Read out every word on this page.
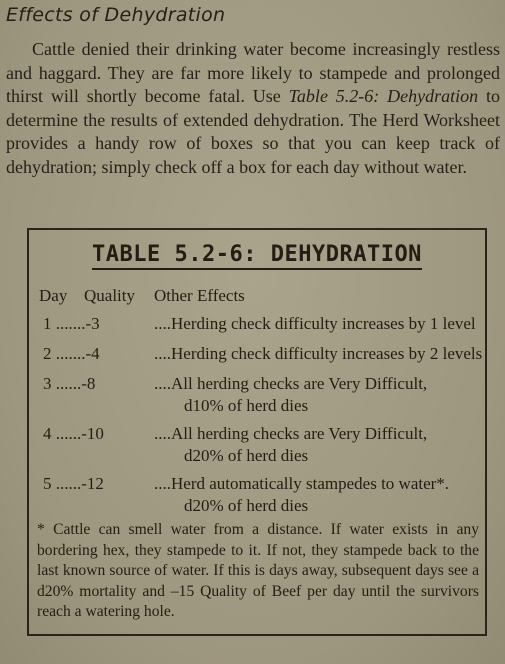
Effects of Dehydration

Cattle denied their drinking water become increasingly restless and haggard. They are far more likely to stampede and prolonged thirst will shortly become fatal. Use Table 5.2-6: Dehydration to determine the results of extended dehydration. The Herd Worksheet provides a handy row of boxes so that you can keep track of dehydration; simply check off a box for each day without water.

TABLE 5.2-6: DEHYDRATION
Day Quality Other Effects
1 .......-3	....Herding check difficulty increases by 1 level
2 .......-4	....Herding check difficulty increases by 2 levels
3 ......-8	....All herding checks are Very Difficult,
d10% of herd dies
4 ......-10	....All herding checks are Very Difficult,
d20% of herd dies
5 ......-12	....Herd automatically stampedes to water*.
d20% of herd dies

* Cattle can smell water from a distance. If water exists in any bordering hex, they stampede to it. If not, they stampede back to the last known source of water. If this is days away, subsequent days see a d20% mortality and –15 Quality of Beef per day until the survivors reach a watering hole.
